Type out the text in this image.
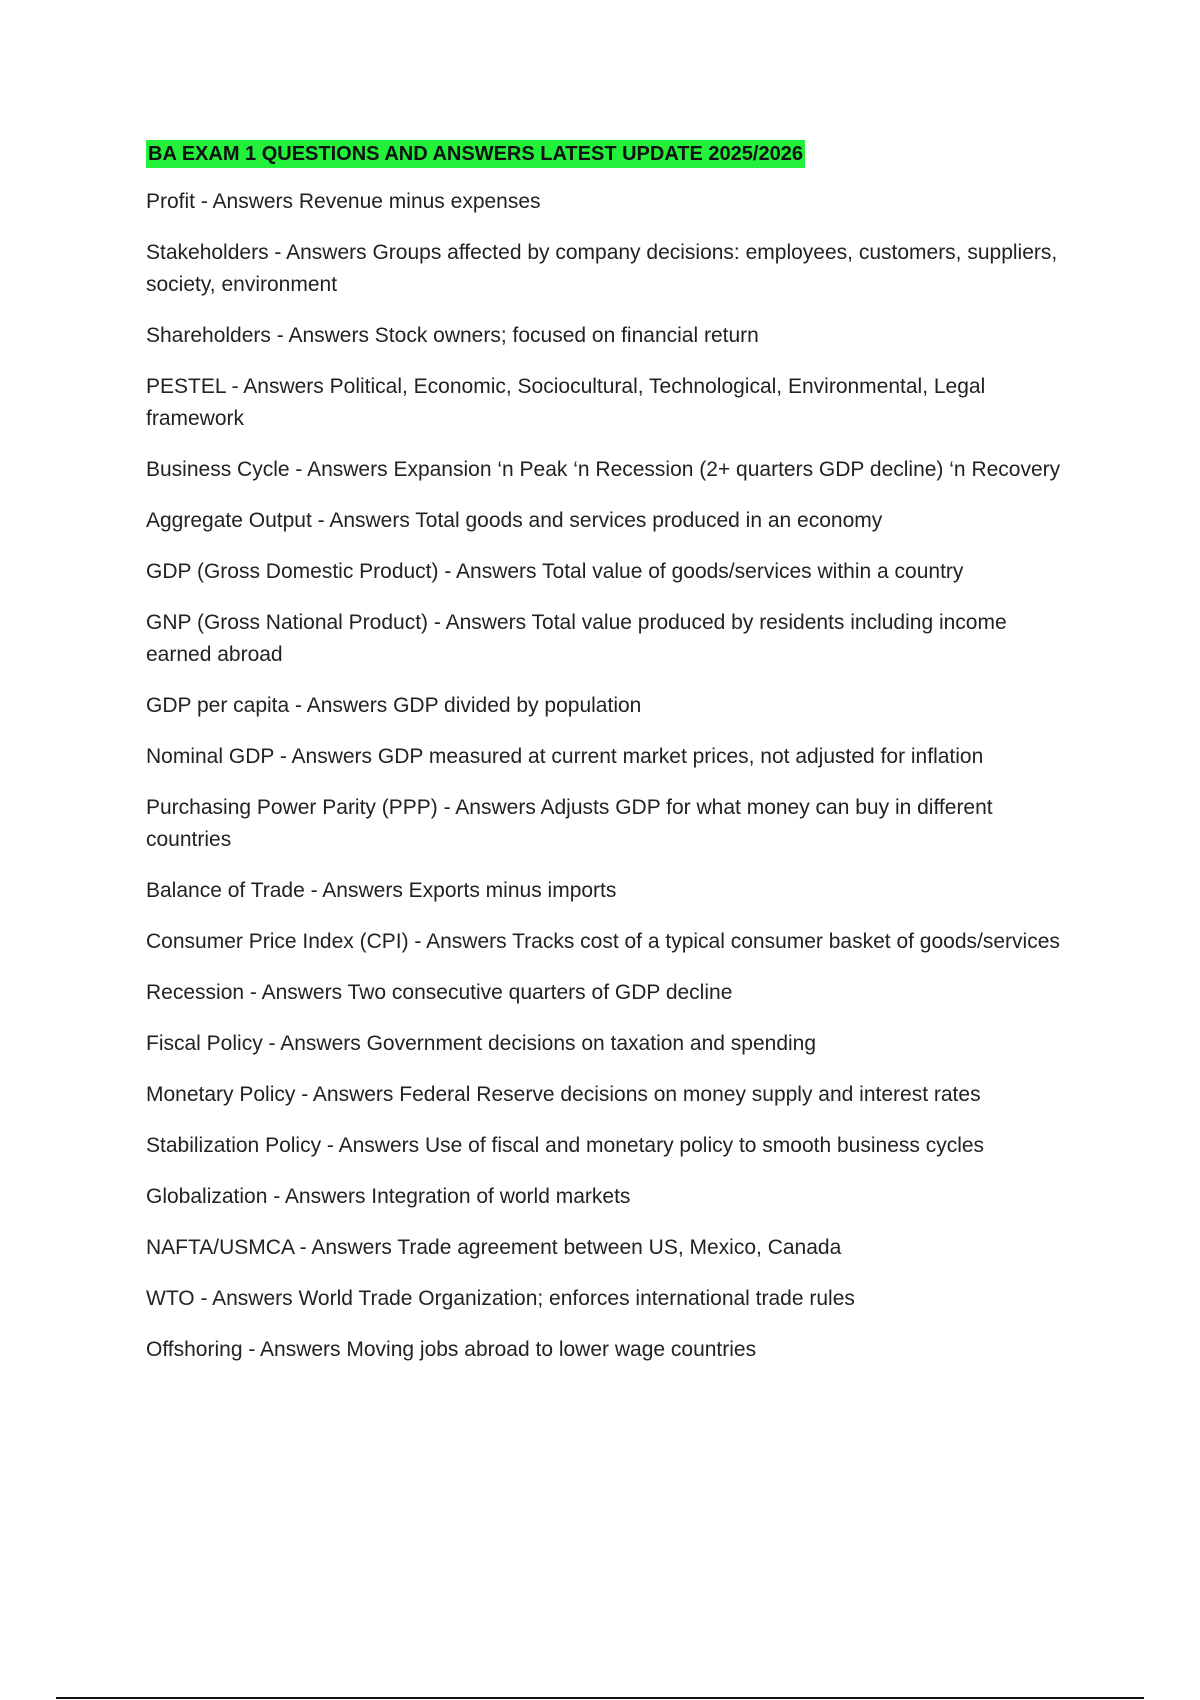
BA EXAM 1 QUESTIONS AND ANSWERS LATEST UPDATE 2025/2026
Profit - Answers Revenue minus expenses
Stakeholders - Answers Groups affected by company decisions: employees, customers, suppliers, society, environment
Shareholders - Answers Stock owners; focused on financial return
PESTEL - Answers Political, Economic, Sociocultural, Technological, Environmental, Legal framework
Business Cycle - Answers Expansion ‘n Peak ‘n Recession (2+ quarters GDP decline) ‘n Recovery
Aggregate Output - Answers Total goods and services produced in an economy
GDP (Gross Domestic Product) - Answers Total value of goods/services within a country
GNP (Gross National Product) - Answers Total value produced by residents including income earned abroad
GDP per capita - Answers GDP divided by population
Nominal GDP - Answers GDP measured at current market prices, not adjusted for inflation
Purchasing Power Parity (PPP) - Answers Adjusts GDP for what money can buy in different countries
Balance of Trade - Answers Exports minus imports
Consumer Price Index (CPI) - Answers Tracks cost of a typical consumer basket of goods/services
Recession - Answers Two consecutive quarters of GDP decline
Fiscal Policy - Answers Government decisions on taxation and spending
Monetary Policy - Answers Federal Reserve decisions on money supply and interest rates
Stabilization Policy - Answers Use of fiscal and monetary policy to smooth business cycles
Globalization - Answers Integration of world markets
NAFTA/USMCA - Answers Trade agreement between US, Mexico, Canada
WTO - Answers World Trade Organization; enforces international trade rules
Offshoring - Answers Moving jobs abroad to lower wage countries
